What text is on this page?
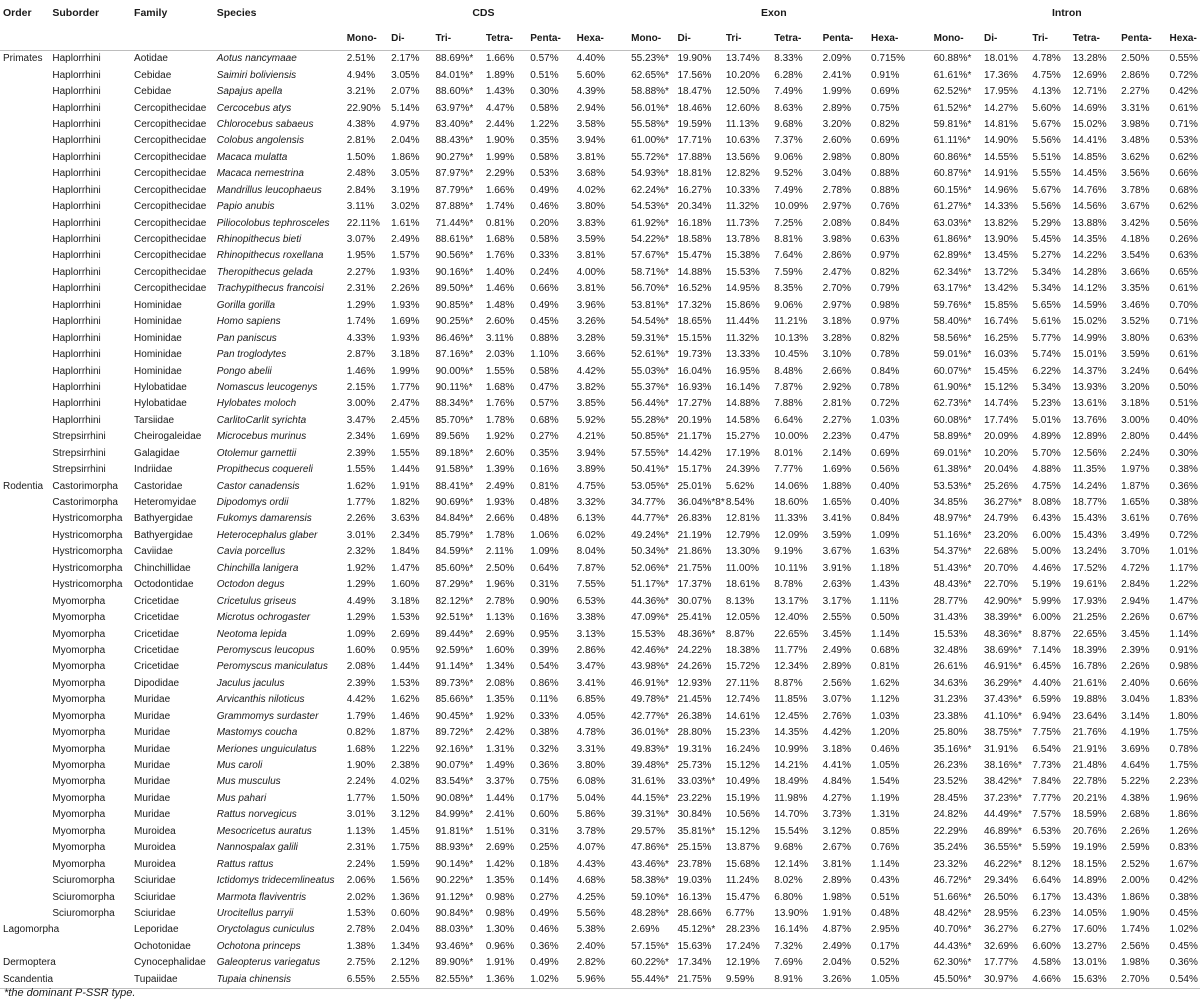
Order	Suborder	Family	Species		CDS							Exon							Intron					
					Mono-	Di-	Tri-	Tetra-	Penta-	Hexa-		Mono-	Di-	Tri-	Tetra-	Penta-	Hexa-		Mono-	Di-	Tri-	Tetra-	Penta-	Hexa-
Primates	Haplorrhini	Aotidae	Aotus nancymaae		2.51%	2.17%	88.69%*	1.66%	0.57%	4.40%		55.23%*	19.90%	13.74%	8.33%	2.09%	0.715%		60.88%*	18.01%	4.78%	13.28%	2.50%	0.55%
	Haplorrhini	Cebidae	Saimiri boliviensis		4.94%	3.05%	84.01%*	1.89%	0.51%	5.60%		62.65%*	17.56%	10.20%	6.28%	2.41%	0.91%		61.61%*	17.36%	4.75%	12.69%	2.86%	0.72%
	Haplorrhini	Cebidae	Sapajus apella		3.21%	2.07%	88.60%*	1.43%	0.30%	4.39%		58.88%*	18.47%	12.50%	7.49%	1.99%	0.69%		62.52%*	17.95%	4.13%	12.71%	2.27%	0.42%
	Haplorrhini	Cercopithecidae	Cercocebus atys		22.90%	5.14%	63.97%*	4.47%	0.58%	2.94%		56.01%*	18.46%	12.60%	8.63%	2.89%	0.75%		61.52%*	14.27%	5.60%	14.69%	3.31%	0.61%
	Haplorrhini	Cercopithecidae	Chlorocebus sabaeus		4.38%	4.97%	83.40%*	2.44%	1.22%	3.58%		55.58%*	19.59%	11.13%	9.68%	3.20%	0.82%		59.81%*	14.81%	5.67%	15.02%	3.98%	0.71%
	Haplorrhini	Cercopithecidae	Colobus angolensis		2.81%	2.04%	88.43%*	1.90%	0.35%	3.94%		61.00%*	17.71%	10.63%	7.37%	2.60%	0.69%		61.11%*	14.90%	5.56%	14.41%	3.48%	0.53%
	Haplorrhini	Cercopithecidae	Macaca mulatta		1.50%	1.86%	90.27%*	1.99%	0.58%	3.81%		55.72%*	17.88%	13.56%	9.06%	2.98%	0.80%		60.86%*	14.55%	5.51%	14.85%	3.62%	0.62%
	Haplorrhini	Cercopithecidae	Macaca nemestrina		2.48%	3.05%	87.97%*	2.29%	0.53%	3.68%		54.93%*	18.81%	12.82%	9.52%	3.04%	0.88%		60.87%*	14.91%	5.55%	14.45%	3.56%	0.66%
	Haplorrhini	Cercopithecidae	Mandrillus leucophaeus		2.84%	3.19%	87.79%*	1.66%	0.49%	4.02%		62.24%*	16.27%	10.33%	7.49%	2.78%	0.88%		60.15%*	14.96%	5.67%	14.76%	3.78%	0.68%
	Haplorrhini	Cercopithecidae	Papio anubis		3.11%	3.02%	87.88%*	1.74%	0.46%	3.80%		54.53%*	20.34%	11.32%	10.09%	2.97%	0.76%		61.27%*	14.33%	5.56%	14.56%	3.67%	0.62%
	Haplorrhini	Cercopithecidae	Piliocolobus tephrosceles		22.11%	1.61%	71.44%*	0.81%	0.20%	3.83%		61.92%*	16.18%	11.73%	7.25%	2.08%	0.84%		63.03%*	13.82%	5.29%	13.88%	3.42%	0.56%
	Haplorrhini	Cercopithecidae	Rhinopithecus bieti		3.07%	2.49%	88.61%*	1.68%	0.58%	3.59%		54.22%*	18.58%	13.78%	8.81%	3.98%	0.63%		61.86%*	13.90%	5.45%	14.35%	4.18%	0.26%
	Haplorrhini	Cercopithecidae	Rhinopithecus roxellana		1.95%	1.57%	90.56%*	1.76%	0.33%	3.81%		57.67%*	15.47%	15.38%	7.64%	2.86%	0.97%		62.89%*	13.45%	5.27%	14.22%	3.54%	0.63%
	Haplorrhini	Cercopithecidae	Theropithecus gelada		2.27%	1.93%	90.16%*	1.40%	0.24%	4.00%		58.71%*	14.88%	15.53%	7.59%	2.47%	0.82%		62.34%*	13.72%	5.34%	14.28%	3.66%	0.65%
	Haplorrhini	Cercopithecidae	Trachypithecus francoisi		2.31%	2.26%	89.50%*	1.46%	0.66%	3.81%		56.70%*	16.52%	14.95%	8.35%	2.70%	0.79%		63.17%*	13.42%	5.34%	14.12%	3.35%	0.61%
	Haplorrhini	Hominidae	Gorilla gorilla		1.29%	1.93%	90.85%*	1.48%	0.49%	3.96%		53.81%*	17.32%	15.86%	9.06%	2.97%	0.98%		59.76%*	15.85%	5.65%	14.59%	3.46%	0.70%
	Haplorrhini	Hominidae	Homo sapiens		1.74%	1.69%	90.25%*	2.60%	0.45%	3.26%		54.54%*	18.65%	11.44%	11.21%	3.18%	0.97%		58.40%*	16.74%	5.61%	15.02%	3.52%	0.71%
	Haplorrhini	Hominidae	Pan paniscus		4.33%	1.93%	86.46%*	3.11%	0.88%	3.28%		59.31%*	15.15%	11.32%	10.13%	3.28%	0.82%		58.56%*	16.25%	5.77%	14.99%	3.80%	0.63%
	Haplorrhini	Hominidae	Pan troglodytes		2.87%	3.18%	87.16%*	2.03%	1.10%	3.66%		52.61%*	19.73%	13.33%	10.45%	3.10%	0.78%		59.01%*	16.03%	5.74%	15.01%	3.59%	0.61%
	Haplorrhini	Hominidae	Pongo abelii		1.46%	1.99%	90.00%*	1.55%	0.58%	4.42%		55.03%*	16.04%	16.95%	8.48%	2.66%	0.84%		60.07%*	15.45%	6.22%	14.37%	3.24%	0.64%
	Haplorrhini	Hylobatidae	Nomascus leucogenys		2.15%	1.77%	90.11%*	1.68%	0.47%	3.82%		55.37%*	16.93%	16.14%	7.87%	2.92%	0.78%		61.90%*	15.12%	5.34%	13.93%	3.20%	0.50%
	Haplorrhini	Hylobatidae	Hylobates moloch		3.00%	2.47%	88.34%*	1.76%	0.57%	3.85%		56.44%*	17.27%	14.88%	7.88%	2.81%	0.72%		62.73%*	14.74%	5.23%	13.61%	3.18%	0.51%
	Haplorrhini	Tarsiidae	CarlitoCarlit syrichta		3.47%	2.45%	85.70%*	1.78%	0.68%	5.92%		55.28%*	20.19%	14.58%	6.64%	2.27%	1.03%		60.08%*	17.74%	5.01%	13.76%	3.00%	0.40%
	Strepsirrhini	Cheirogaleidae	Microcebus murinus		2.34%	1.69%	89.56%	1.92%	0.27%	4.21%		50.85%*	21.17%	15.27%	10.00%	2.23%	0.47%		58.89%*	20.09%	4.89%	12.89%	2.80%	0.44%
	Strepsirrhini	Galagidae	Otolemur garnettii		2.39%	1.55%	89.18%*	2.60%	0.35%	3.94%		57.55%*	14.42%	17.19%	8.01%	2.14%	0.69%		69.01%*	10.20%	5.70%	12.56%	2.24%	0.30%
	Strepsirrhini	Indriidae	Propithecus coquereli		1.55%	1.44%	91.58%*	1.39%	0.16%	3.89%		50.41%*	15.17%	24.39%	7.77%	1.69%	0.56%		61.38%*	20.04%	4.88%	11.35%	1.97%	0.38%
Rodentia	Castorimorpha	Castoridae	Castor canadensis		1.62%	1.91%	88.41%*	2.49%	0.81%	4.75%		53.05%*	25.01%	5.62%	14.06%	1.88%	0.40%		53.53%*	25.26%	4.75%	14.24%	1.87%	0.36%
	Castorimorpha	Heteromyidae	Dipodomys ordii		1.77%	1.82%	90.69%*	1.93%	0.48%	3.32%		34.77%	36.04%*8*	8.54%	18.60%	1.65%	0.40%		34.85%	36.27%*	8.08%	18.77%	1.65%	0.38%
	Hystricomorpha	Bathyergidae	Fukomys damarensis		2.26%	3.63%	84.84%*	2.66%	0.48%	6.13%		44.77%*	26.83%	12.81%	11.33%	3.41%	0.84%		48.97%*	24.79%	6.43%	15.43%	3.61%	0.76%
	Hystricomorpha	Bathyergidae	Heterocephalus glaber		3.01%	2.34%	85.79%*	1.78%	1.06%	6.02%		49.24%*	21.19%	12.79%	12.09%	3.59%	1.09%		51.16%*	23.20%	6.00%	15.43%	3.49%	0.72%
	Hystricomorpha	Caviidae	Cavia porcellus		2.32%	1.84%	84.59%*	2.11%	1.09%	8.04%		50.34%*	21.86%	13.30%	9.19%	3.67%	1.63%		54.37%*	22.68%	5.00%	13.24%	3.70%	1.01%
	Hystricomorpha	Chinchillidae	Chinchilla lanigera		1.92%	1.47%	85.60%*	2.50%	0.64%	7.87%		52.06%*	21.75%	11.00%	10.11%	3.91%	1.18%		51.43%*	20.70%	4.46%	17.52%	4.72%	1.17%
	Hystricomorpha	Octodontidae	Octodon degus		1.29%	1.60%	87.29%*	1.96%	0.31%	7.55%		51.17%*	17.37%	18.61%	8.78%	2.63%	1.43%		48.43%*	22.70%	5.19%	19.61%	2.84%	1.22%
	Myomorpha	Cricetidae	Cricetulus griseus		4.49%	3.18%	82.12%*	2.78%	0.90%	6.53%		44.36%*	30.07%	8.13%	13.17%	3.17%	1.11%		28.77%	42.90%*	5.99%	17.93%	2.94%	1.47%
	Myomorpha	Cricetidae	Microtus ochrogaster		1.29%	1.53%	92.51%*	1.13%	0.16%	3.38%		47.09%*	25.41%	12.05%	12.40%	2.55%	0.50%		31.43%	38.39%*	6.00%	21.25%	2.26%	0.67%
	Myomorpha	Cricetidae	Neotoma lepida		1.09%	2.69%	89.44%*	2.69%	0.95%	3.13%		15.53%	48.36%*	8.87%	22.65%	3.45%	1.14%		15.53%	48.36%*	8.87%	22.65%	3.45%	1.14%
	Myomorpha	Cricetidae	Peromyscus leucopus		1.60%	0.95%	92.59%*	1.60%	0.39%	2.86%		42.46%*	24.22%	18.38%	11.77%	2.49%	0.68%		32.48%	38.69%*	7.14%	18.39%	2.39%	0.91%
	Myomorpha	Cricetidae	Peromyscus maniculatus		2.08%	1.44%	91.14%*	1.34%	0.54%	3.47%		43.98%*	24.26%	15.72%	12.34%	2.89%	0.81%		26.61%	46.91%*	6.45%	16.78%	2.26%	0.98%
	Myomorpha	Dipodidae	Jaculus jaculus		2.39%	1.53%	89.73%*	2.08%	0.86%	3.41%		46.91%*	12.93%	27.11%	8.87%	2.56%	1.62%		34.63%	36.29%*	4.40%	21.61%	2.40%	0.66%
	Myomorpha	Muridae	Arvicanthis niloticus		4.42%	1.62%	85.66%*	1.35%	0.11%	6.85%		49.78%*	21.45%	12.74%	11.85%	3.07%	1.12%		31.23%	37.43%*	6.59%	19.88%	3.04%	1.83%
	Myomorpha	Muridae	Grammomys surdaster		1.79%	1.46%	90.45%*	1.92%	0.33%	4.05%		42.77%*	26.38%	14.61%	12.45%	2.76%	1.03%		23.38%	41.10%*	6.94%	23.64%	3.14%	1.80%
	Myomorpha	Muridae	Mastomys coucha		0.82%	1.87%	89.72%*	2.42%	0.38%	4.78%		36.01%*	28.80%	15.23%	14.35%	4.42%	1.20%		25.80%	38.75%*	7.75%	21.76%	4.19%	1.75%
	Myomorpha	Muridae	Meriones unguiculatus		1.68%	1.22%	92.16%*	1.31%	0.32%	3.31%		49.83%*	19.31%	16.24%	10.99%	3.18%	0.46%		35.16%*	31.91%	6.54%	21.91%	3.69%	0.78%
	Myomorpha	Muridae	Mus caroli		1.90%	2.38%	90.07%*	1.49%	0.36%	3.80%		39.48%*	25.73%	15.12%	14.21%	4.41%	1.05%		26.23%	38.16%*	7.73%	21.48%	4.64%	1.75%
	Myomorpha	Muridae	Mus musculus		2.24%	4.02%	83.54%*	3.37%	0.75%	6.08%		31.61%	33.03%*	10.49%	18.49%	4.84%	1.54%		23.52%	38.42%*	7.84%	22.78%	5.22%	2.23%
	Myomorpha	Muridae	Mus pahari		1.77%	1.50%	90.08%*	1.44%	0.17%	5.04%		44.15%*	23.22%	15.19%	11.98%	4.27%	1.19%		28.45%	37.23%*	7.77%	20.21%	4.38%	1.96%
	Myomorpha	Muridae	Rattus norvegicus		3.01%	3.12%	84.99%*	2.41%	0.60%	5.86%		39.31%*	30.84%	10.56%	14.70%	3.73%	1.31%		24.82%	44.49%*	7.57%	18.59%	2.68%	1.86%
	Myomorpha	Muroidea	Mesocricetus auratus		1.13%	1.45%	91.81%*	1.51%	0.31%	3.78%		29.57%	35.81%*	15.12%	15.54%	3.12%	0.85%		22.29%	46.89%*	6.53%	20.76%	2.26%	1.26%
	Myomorpha	Muroidea	Nannospalax galili		2.31%	1.75%	88.93%*	2.69%	0.25%	4.07%		47.86%*	25.15%	13.87%	9.68%	2.67%	0.76%		35.24%	36.55%*	5.59%	19.19%	2.59%	0.83%
	Myomorpha	Muroidea	Rattus rattus		2.24%	1.59%	90.14%*	1.42%	0.18%	4.43%		43.46%*	23.78%	15.68%	12.14%	3.81%	1.14%		23.32%	46.22%*	8.12%	18.15%	2.52%	1.67%
	Sciuromorpha	Sciuridae	Ictidomys tridecemlineatus		2.06%	1.56%	90.22%*	1.35%	0.14%	4.68%		58.38%*	19.03%	11.24%	8.02%	2.89%	0.43%		46.72%*	29.34%	6.64%	14.89%	2.00%	0.42%
	Sciuromorpha	Sciuridae	Marmota flaviventris		2.02%	1.36%	91.12%*	0.98%	0.27%	4.25%		59.10%*	16.13%	15.47%	6.80%	1.98%	0.51%		51.66%*	26.50%	6.17%	13.43%	1.86%	0.38%
	Sciuromorpha	Sciuridae	Urocitellus parryii		1.53%	0.60%	90.84%*	0.98%	0.49%	5.56%		48.28%*	28.66%	6.77%	13.90%	1.91%	0.48%		48.42%*	28.95%	6.23%	14.05%	1.90%	0.45%
Lagomorpha		Leporidae	Oryctolagus cuniculus		2.78%	2.04%	88.03%*	1.30%	0.46%	5.38%		2.69%	45.12%*	28.23%	16.14%	4.87%	2.95%		40.70%*	36.27%	6.27%	17.60%	1.74%	1.02%
		Ochotonidae	Ochotona princeps		1.38%	1.34%	93.46%*	0.96%	0.36%	2.40%		57.15%*	15.63%	17.24%	7.32%	2.49%	0.17%		44.43%*	32.69%	6.60%	13.27%	2.56%	0.45%
Dermoptera		Cynocephalidae	Galeopterus variegatus		2.75%	2.12%	89.90%*	1.91%	0.49%	2.82%		60.22%*	17.34%	12.19%	7.69%	2.04%	0.52%		62.30%*	17.77%	4.58%	13.01%	1.98%	0.36%
Scandentia		Tupaiidae	Tupaia chinensis		6.55%	2.55%	82.55%*	1.36%	1.02%	5.96%		55.44%*	21.75%	9.59%	8.91%	3.26%	1.05%		45.50%*	30.97%	4.66%	15.63%	2.70%	0.54%
*the dominant P-SSR type.
